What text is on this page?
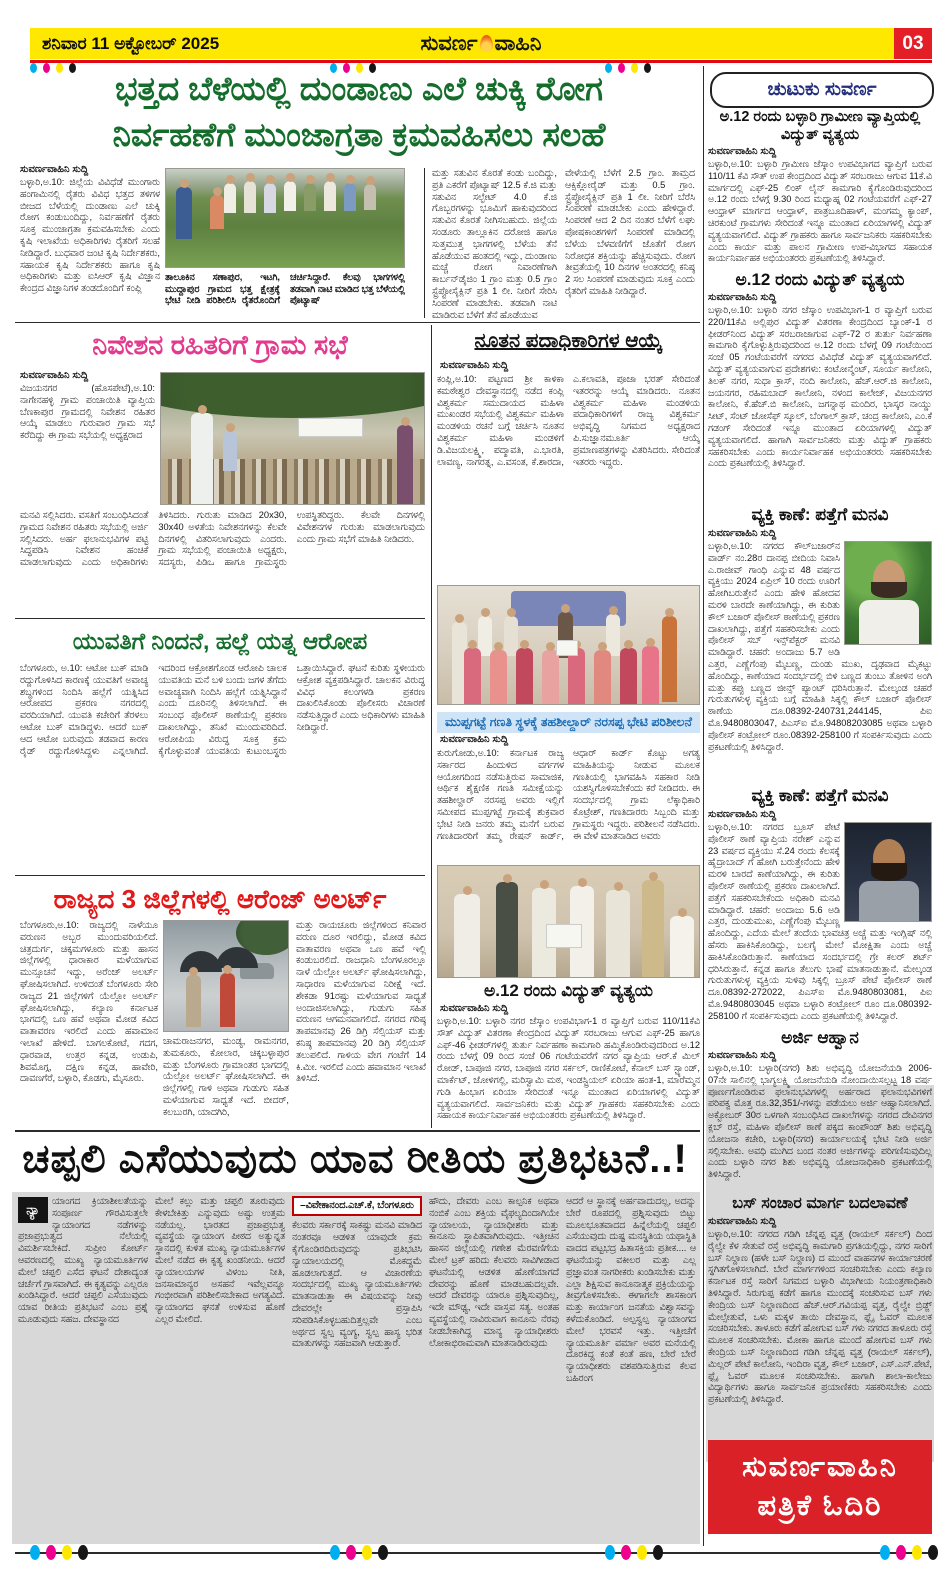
ಶನಿವಾರ 11 ಅಕ್ಟೋಬರ್ 2025	ಸುವರ್ಣ ವಾಹಿನಿ	03
ಭತ್ತದ ಬೆಳೆಯಲ್ಲಿ ದುಂಡಾಣು ಎಲೆ ಚುಕ್ಕಿ ರೋಗ
ನಿರ್ವಹಣೆಗೆ ಮುಂಜಾಗ್ರತಾ ಕ್ರಮವಹಿಸಲು ಸಲಹೆ
ಸುವರ್ಣವಾಹಿನಿ ಸುದ್ದಿ
ಬಳ್ಳಾರಿ,ಅ.10: ಜಿಲ್ಲೆಯ ವಿವಿಧೆಡೆ ಮುಂಗಾರು ಹಂಗಾಮಿನಲ್ಲಿ ರೈತರು ವಿವಿಧ ಭತ್ತದ ತಳಿಗಳ ಬೀಜದ ಬೆಳೆಯಲ್ಲಿ ದುಂಡಾಣು ಎಲೆ ಚುಕ್ಕಿ ರೋಗ ಕಂಡುಬಂದಿದ್ದು, ನಿರ್ವಹಣೆಗೆ ರೈತರು ಸೂಕ್ತ ಮುಂಜಾಗ್ರತಾ ಕ್ರಮವಹಿಸಬೇಕು ಎಂದು ಕೃಷಿ ಇಲಾಖೆಯ ಅಧಿಕಾರಿಗಳು ರೈತರಿಗೆ ಸಲಹೆ ನೀಡಿದ್ದಾರೆ. ಬುಧವಾರ ಜಂಟಿ ಕೃಷಿ ನಿರ್ದೇಶಕರು, ಸಹಾಯಕ ಕೃಷಿ ನಿರ್ದೇಶಕರು ಹಾಗೂ ಕೃಷಿ ಅಧಿಕಾರಿಗಳು ಮತ್ತು ಐಸಿಆರ್ ಕೃಷಿ ವಿಜ್ಞಾನ ಕೇಂದ್ರದ ವಿಜ್ಞಾನಿಗಳ ತಂಡದೊಂದಿಗೆ ಕಂಪ್ಲಿ
ತಾಲೂಕಿನ ಸಣಾಪುರ, ಇಟಗಿ, ಮುದ್ದಾಪುರ ಗ್ರಾಮದ ಭತ್ತ ಕ್ಷೇತ್ರಕ್ಕೆ ಭೇಟಿ ನೀಡಿ ಪರಿಶೀಲಿಸಿ ರೈತರೊಂದಿಗೆ ಚರ್ಚಿಸಿದ್ದಾರೆ. ಕೆಲವು ಭಾಗಗಳಲ್ಲಿ ತಡವಾಗಿ ನಾಟಿ ಮಾಡಿದ ಭತ್ತ ಬೆಳೆಯಲ್ಲಿ ಪೊಟ್ಯಾಷ್
ಮತ್ತು ಸತುವಿನ ಕೊರತೆ ಕಂಡು ಬಂದಿದ್ದು, ಪ್ರತಿ ಎಕರೆಗೆ ಪೊಟ್ಯಾಷ್ 12.5 ಕೆ.ಜಿ ಮತ್ತು ಸತುವಿನ ಸಲ್ಫೇಟ್ 4.0 ಕೆ.ಜಿ ಗೊಬ್ಬರಗಳನ್ನು ಭೂಮಿಗೆ ಹಾಕುವುದರಿಂದ ಸತುವಿನ ಕೊರತೆ ನೀಗಿಸಬಹುದು. ಜಿಲ್ಲೆಯ ಸಂಡೂರು ತಾಲ್ಲೂಕಿನ ದರೋಜಿ ಹಾಗೂ ಸುತ್ತಮುತ್ತ ಭಾಗಗಳಲ್ಲಿ ಬೆಳೆಯ ತೆನೆ ಹೊಡೆಯುವ ಹಂತದಲ್ಲಿ ಇದ್ದು, ದುಂಡಾಣು ಮಚ್ಚೆ ರೋಗ ನಿವಾರಣೆಗಾಗಿ ಕಾರ್ಬನ್‌ಡೈಜಿಂ 1 ಗ್ರಾಂ ಮತ್ತು 0.5 ಗ್ರಾಂ ಸ್ಟ್ರೆಪ್ಟೋಸೈಕ್ಲಿನ್ ಪ್ರತಿ 1 ಲೀ. ನೀರಿಗೆ ಸೇರಿಸಿ ಸಿಂಪರಣೆ ಮಾಡಬೇಕು. ತಡವಾಗಿ ನಾಟಿ ಮಾಡಿರುವ ಬೆಳೆಗೆ ತೆನೆ ಹೊಡೆಯುವ
ವೇಳೆಯಲ್ಲಿ ಬೆಳೆಗೆ 2.5 ಗ್ರಾಂ. ತಾಮ್ರದ ಆಕ್ಸಿಕ್ಲೋರೈಡ್ ಮತ್ತು 0.5 ಗ್ರಾಂ. ಸ್ಟ್ರೆಪ್ಟೋಸೈಕ್ಲಿನ್ ಪ್ರತಿ 1 ಲೀ. ನೀರಿಗೆ ಬೆರೆಸಿ ಸಿಂಪರಣೆ ಮಾಡಬೇಕು ಎಂದು ಹೇಳಿದ್ದಾರೆ. ಸಿಂಪರಣೆ ಆದ 2 ದಿನ ನಂತರ ಬೆಳೆಗೆ ಲಘು ಪೋಷಕಾಂಶಗಳಿಗೆ ಸಿಂಪರಣೆ ಮಾಡಿದಲ್ಲಿ ಬೆಳೆಯ ಬೆಳವಣಿಗೆಗೆ ಜೊತೆಗೆ ರೋಗ ನಿರೋಧಕ ಶಕ್ತಿಯನ್ನು ಹೆಚ್ಚಿಸುವುದು. ರೋಗ ತೀವ್ರತೆಯಲ್ಲಿ 10 ದಿನಗಳ ಅಂತರದಲ್ಲಿ ಕನಿಷ್ಠ 2 ಸಲ ಸಿಂಪರಣೆ ಮಾಡುವುದು ಸೂಕ್ತ ಎಂದು ರೈತರಿಗೆ ಮಾಹಿತಿ ನೀಡಿದ್ದಾರೆ.
ನಿವೇಶನ ರಹಿತರಿಗೆ ಗ್ರಾಮ ಸಭೆ
ಸುವರ್ಣವಾಹಿನಿ ಸುದ್ದಿ
ವಿಜಯನಗರ (ಹೊಸಪೇಟೆ),ಅ.10: ನಾಗೇನಹಳ್ಳಿ ಗ್ರಾಮ ಪಂಚಾಯಿತಿ ವ್ಯಾಪ್ತಿಯ ಬೆಣಕಾಪುರ ಗ್ರಾಮದಲ್ಲಿ ನಿವೇಶನ ರಹಿತರ ಆಯ್ಕೆ ಮಾಡಲು ಗುರುವಾರ ಗ್ರಾಮ ಸಭೆ ಕರೆದಿದ್ದು ಈ ಗ್ರಾಮ ಸಭೆಯಲ್ಲಿ ಅಧ್ಯಕ್ಷರಾದ
ಮನವಿ ಸಲ್ಲಿಸಿದರು. ವಸತಿಗೆ ಸಂಬಂಧಿಸಿದಂತೆ ಗ್ರಾಮದ ನಿವೇಶನ ರಹಿತರು ಸಭೆಯಲ್ಲಿ ಅರ್ಜಿ ಸಲ್ಲಿಸಿದರು. ಅರ್ಹ ಫಲಾನುಭವಿಗಳ ಪಟ್ಟಿ ಸಿದ್ಧಪಡಿಸಿ ನಿವೇಶನ ಹಂಚಿಕೆ ಮಾಡಲಾಗುವುದು ಎಂದು ಅಧಿಕಾರಿಗಳು ತಿಳಿಸಿದರು. ಗುರುತು ಮಾಡಿದ 20x30, 30x40 ಅಳತೆಯ ನಿವೇಶನಗಳನ್ನು ಕೆಲವೇ ದಿನಗಳಲ್ಲಿ ವಿತರಿಸಲಾಗುವುದು ಎಂದರು. ಗ್ರಾಮ ಸಭೆಯಲ್ಲಿ ಪಂಚಾಯಿತಿ ಅಧ್ಯಕ್ಷರು, ಸದಸ್ಯರು, ಪಿಡಿಒ ಹಾಗೂ ಗ್ರಾಮಸ್ಥರು ಉಪಸ್ಥಿತರಿದ್ದರು. ಕೆಲವೇ ದಿನಗಳಲ್ಲಿ ವಿವೇಶನಗಳ ಗುರುತು ಮಾಡಲಾಗುವುದು ಎಂದು ಗ್ರಾಮ ಸಭೆಗೆ ಮಾಹಿತಿ ನೀಡಿದರು.
ನೂತನ ಪದಾಧಿಕಾರಿಗಳ ಆಯ್ಕೆ
ಸುವರ್ಣವಾಹಿನಿ ಸುದ್ದಿ
ಕಂಪ್ಲಿ,ಅ.10: ಪಟ್ಟಣದ ಶ್ರೀ ಕಾಳಿಕಾ ಕಮಠೇಶ್ವರ ದೇವಸ್ಥಾನದಲ್ಲಿ ನಡೆದ ಕಂಪ್ಲಿ ವಿಶ್ವಕರ್ಮ ಸಮುದಾಯದ ಮಹಿಳಾ ಮುಖಂಡರ ಸಭೆಯಲ್ಲಿ ವಿಶ್ವಕರ್ಮ ಮಹಿಳಾ ಮಂಡಳಿಯ ರಚನೆ ಬಗ್ಗೆ ಚರ್ಚಿಸಿ ನೂತನ ವಿಶ್ವಕರ್ಮ ಮಹಿಳಾ ಮಂಡಳಿಗೆ ಡಿ.ವಿಜಯಲಕ್ಷ್ಮಿ, ಪದ್ಮಾವತಿ, ಎ.ಭಾರತಿ, ಲಾವಣ್ಯ, ನಾಗರತ್ನ, ಎ.ವಸಂತ, ಕೆ.ಶಾರದಾ, ಎ.ಕಲಾವತಿ, ಪೂಜಾ ಭರತ್ ಸೇರಿದಂತೆ ಇತರರನ್ನು ಆಯ್ಕೆ ಮಾಡಿದರು. ನೂತನ ವಿಶ್ವಕರ್ಮ ಮಹಿಳಾ ಮಂಡಳಿಯ ಪದಾಧಿಕಾರಿಗಳಿಗೆ ರಾಜ್ಯ ವಿಶ್ವಕರ್ಮ ಅಭಿವೃದ್ಧಿ ನಿಗಮದ ಅಧ್ಯಕ್ಷರಾದ ಪಿ.ಸುಜ್ಞಾನಮೂರ್ತಿ ಆಯ್ಕೆ ಪ್ರಮಾಣಪತ್ರಗಳನ್ನು ವಿತರಿಸಿದರು. ಸೇರಿದಂತೆ ಇತರರು ಇದ್ದರು.
ಮುಪ್ಪಗಟ್ಟೆ ಗಣತಿ ಸ್ಥಳಕ್ಕೆ ತಹಶೀಲ್ದಾರ್ ನರಸಪ್ಪ ಭೇಟಿ ಪರಿಶೀಲನೆ
ಸುವರ್ಣವಾಹಿನಿ ಸುದ್ದಿ
ಕುರುಗೋಡು,ಅ.10: ಕರ್ನಾಟಕ ರಾಜ್ಯ ಸರ್ಕಾರದ ಹಿಂದುಳಿದ ವರ್ಗಗಳ ಆಯೋಗದಿಂದ ನಡೆಸುತ್ತಿರುವ ಸಾಮಾಜಿಕ, ಆರ್ಥಿಕ ಶೈಕ್ಷಣಿಕ ಗಣತಿ ಸಮೀಕ್ಷೆಯನ್ನು ತಹಶೀಲ್ದಾರ್ ನರಸಪ್ಪ ಅವರು ಇಲ್ಲಿಗೆ ಸಮೀಪದ ಮುಪ್ಪಗಟ್ಟೆ ಗ್ರಾಮಕ್ಕೆ ಶುಕ್ರವಾರ ಭೇಟಿ ನೀಡಿ ಜನರು ತಮ್ಮ ಮನೆಗೆ ಬರುವ ಗಣತಿದಾರರಿಗೆ ತಮ್ಮ ರೇಷನ್ ಕಾರ್ಡ್, ಆಧಾರ್ ಕಾರ್ಡ್ ಕೊಟ್ಟು ಅಗತ್ಯ ಮಾಹಿತಿಯನ್ನು ನೀಡುವ ಮೂಲಕ ಗಣತಿಯಲ್ಲಿ ಭಾಗವಹಿಸಿ ಸಹಕಾರ ನೀಡಿ ಯಶಸ್ವಿಗೊಳಿಸಬೇಕೆಂದು ಕರೆ ನೀಡಿದರು. ಈ ಸಂದರ್ಭದಲ್ಲಿ ಗ್ರಾಮ ಲೆಕ್ಕಾಧಿಕಾರಿ ಕೊಟ್ರೇಶ್, ಗಣತಿದಾರರು ಸಿಬ್ಬಂದಿ ಮತ್ತು ಗ್ರಾಮಸ್ಥರು ಇದ್ದರು. ಪರಿಶೀಲನೆ ನಡೆಸಿದರು. ಈ ವೇಳೆ ಮಾತನಾಡಿದ ಅವರು
ಅ.12 ರಂದು ವಿದ್ಯುತ್ ವ್ಯತ್ಯಯ
ಸುವರ್ಣವಾಹಿನಿ ಸುದ್ದಿ
ಬಳ್ಳಾರಿ,ಅ.10: ಬಳ್ಳಾರಿ ನಗರ ಜೆಸ್ಕಾಂ ಉಪವಿಭಾಗ-1 ರ ವ್ಯಾಪ್ತಿಗೆ ಬರುವ 110/11ಕೆವಿ ಸೌತ್ ವಿದ್ಯುತ್ ವಿತರಣಾ ಕೇಂದ್ರದಿಂದ ವಿದ್ಯುತ್ ಸರಬರಾಜು ಆಗುವ ಎಫ್-25 ಹಾಗೂ ಎಫ್-46 ಫೀಡರ್‌ಗಳಲ್ಲಿ ತುರ್ತು ನಿರ್ವಹಣಾ ಕಾಮಗಾರಿ ಹಮ್ಮಿಕೊಂಡಿರುವುದರಿಂದ ಅ.12 ರಂದು ಬೆಳಗ್ಗೆ 09 ರಿಂದ ಸಂಜೆ 06 ಗಂಟೆಯವರೆಗೆ ನಗರ ವ್ಯಾಪ್ತಿಯ ಆರ್.ಕೆ ಮಿಲ್ ರೋಡ್, ಬಾಪೂಜಿ ನಗರ, ಬಾಪೂಜಿ ನಗರ ಸರ್ಕಲ್, ರಾಣಿಕೋಟೆ, ಕೆನಾಲ್ ಬಸ್ ಸ್ಟ್ಯಾಂಡ್, ಮಾರ್ಕೆಟ್, ಜೋಳಿಗಲ್ಲಿ, ಮರಿಸ್ವಾಮಿ ಮಠ, ಇಂಡಸ್ಟ್ರಿಯಲ್ ಏರಿಯಾ ಹಂತ-1, ಮಾರೆಮ್ಮನ ಗುಡಿ ಹಿಂಭಾಗ ಏರಿಯಾ ಸೇರಿದಂತೆ ಇನ್ನೂ ಮುಂತಾದ ಏರಿಯಾಗಳಲ್ಲಿ ವಿದ್ಯುತ್ ವ್ಯತ್ಯಯವಾಗಲಿದೆ. ಸಾರ್ವಜನಿಕರು ಮತ್ತು ವಿದ್ಯುತ್ ಗ್ರಾಹಕರು ಸಹಕರಿಸಬೇಕು ಎಂದು ಸಹಾಯಕ ಕಾರ್ಯನಿರ್ವಾಹಕ ಅಭಿಯಂತರರು ಪ್ರಕಟಣೆಯಲ್ಲಿ ತಿಳಿಸಿದ್ದಾರೆ.
ಯುವತಿಗೆ ನಿಂದನೆ, ಹಲ್ಲೆ ಯತ್ನ ಆರೋಪ
ಬೆಂಗಳೂರು, ಅ.10: ಆಟೋ ಬುಕ್ ಮಾಡಿ ರದ್ದುಗೊಳಿಸಿದ ಕಾರಣಕ್ಕೆ ಯುವತಿಗೆ ಅವಾಚ್ಯ ಶಬ್ದಗಳಿಂದ ನಿಂದಿಸಿ ಹಲ್ಲೆಗೆ ಯತ್ನಿಸಿದ ಆರೋಪದ ಪ್ರಕರಣ ನಗರದಲ್ಲಿ ವರದಿಯಾಗಿದೆ. ಯುವತಿ ಕಚೇರಿಗೆ ತೆರಳಲು ಆಟೋ ಬುಕ್ ಮಾಡಿದ್ದಳು. ಆದರೆ ಬುಕ್ ಆದ ಆಟೋ ಬರುವುದು ತಡವಾದ ಕಾರಣ ರೈಡ್ ರದ್ದುಗೊಳಿಸಿದ್ದಳು ಎನ್ನಲಾಗಿದೆ. ಇದರಿಂದ ಆಕ್ರೋಶಗೊಂಡ ಆರೋಪಿ ಚಾಲಕ ಯುವತಿಯ ಮನೆ ಬಳಿ ಬಂದು ಜಗಳ ತೆಗೆದು ಅವಾಚ್ಯವಾಗಿ ನಿಂದಿಸಿ ಹಲ್ಲೆಗೆ ಯತ್ನಿಸಿದ್ದಾನೆ ಎಂದು ದೂರಿನಲ್ಲಿ ತಿಳಿಸಲಾಗಿದೆ. ಈ ಸಂಬಂಧ ಪೊಲೀಸ್ ಠಾಣೆಯಲ್ಲಿ ಪ್ರಕರಣ ದಾಖಲಾಗಿದ್ದು, ತನಿಖೆ ಮುಂದುವರಿದಿದೆ. ಆರೋಪಿಯ ವಿರುದ್ಧ ಸೂಕ್ತ ಕ್ರಮ ಕೈಗೊಳ್ಳುವಂತೆ ಯುವತಿಯ ಕುಟುಂಬಸ್ಥರು ಒತ್ತಾಯಿಸಿದ್ದಾರೆ. ಘಟನೆ ಕುರಿತು ಸ್ಥಳೀಯರು ಆಕ್ರೋಶ ವ್ಯಕ್ತಪಡಿಸಿದ್ದಾರೆ. ಚಾಲಕನ ವಿರುದ್ಧ ವಿವಿಧ ಕಲಂಗಳಡಿ ಪ್ರಕರಣ ದಾಖಲಿಸಿಕೊಂಡು ಪೊಲೀಸರು ವಿಚಾರಣೆ ನಡೆಸುತ್ತಿದ್ದಾರೆ ಎಂದು ಅಧಿಕಾರಿಗಳು ಮಾಹಿತಿ ನೀಡಿದ್ದಾರೆ.
ರಾಜ್ಯದ 3 ಜಿಲ್ಲೆಗಳಲ್ಲಿ ಆರೆಂಜ್ ಅಲರ್ಟ್
ಬೆಂಗಳೂರು,ಅ.10: ರಾಜ್ಯದಲ್ಲಿ ನಾಳೆಯೂ ವರುಣನ ಅಬ್ಬರ ಮುಂದುವರಿಯಲಿದೆ. ಚಿತ್ರದುರ್ಗ, ಚಿಕ್ಕಮಗಳೂರು ಮತ್ತು ಹಾಸನ ಜಿಲ್ಲೆಗಳಲ್ಲಿ ಧಾರಾಕಾರ ಮಳೆಯಾಗುವ ಮುನ್ಸೂಚನೆ ಇದ್ದು, ಅರೆಂಜ್ ಅಲರ್ಟ್ ಘೋಷಿಸಲಾಗಿದೆ. ಉಳಿದಂತೆ ಬೆಂಗಳೂರು ಸೇರಿ ರಾಜ್ಯದ 21 ಜಿಲ್ಲೆಗಳಿಗೆ ಯೆಲ್ಲೋ ಅಲರ್ಟ್ ಘೋಷಿಸಲಾಗಿದ್ದು, ಕಲ್ಯಾಣ ಕರ್ನಾಟಕ ಭಾಗದಲ್ಲಿ ಒಣ ಹವೆ ಅಥವಾ ಮೋಡ ಕವಿದ ವಾತಾವರಣ ಇರಲಿದೆ ಎಂದು ಹವಾಮಾನ ಇಲಾಖೆ ಹೇಳಿದೆ. ಬಾಗಲಕೋಟೆ, ಗದಗ, ಧಾರವಾಡ, ಉತ್ತರ ಕನ್ನಡ, ಉಡುಪಿ, ಶಿವಮೊಗ್ಗ, ದಕ್ಷಿಣ ಕನ್ನಡ, ಹಾವೇರಿ, ದಾವಣಗೆರೆ, ಬಳ್ಳಾರಿ, ಕೊಡಗು, ಮೈಸೂರು.
ಚಾಮರಾಜನಗರ, ಮಂಡ್ಯ, ರಾಮನಗರ, ತುಮಕೂರು, ಕೋಲಾರ, ಚಿಕ್ಕಬಳ್ಳಾಪುರ ಮತ್ತು ಬೆಂಗಳೂರು ಗ್ರಾಮಾಂತರ ಭಾಗದಲ್ಲಿ ಯೆಲ್ಲೋ ಅಲರ್ಟ್ ಘೋಷಿಸಲಾಗಿದೆ. ಈ ಜಿಲ್ಲೆಗಳಲ್ಲಿ ಗಾಳಿ ಅಥವಾ ಗುಡುಗು ಸಹಿತ ಮಳೆಯಾಗುವ ಸಾಧ್ಯತೆ ಇದೆ. ಬೀದರ್, ಕಲಬುರಗಿ, ಯಾದಗಿರಿ,
ಮತ್ತು ರಾಯಚೂರು ಜಿಲ್ಲೆಗಳಿಂದ ಕನಿವಾರ ವರುಣ ದೂರ ಇರಲಿದ್ದು, ಮೋಡ ಕವಿದ ವಾತಾವರಣ ಅಥವಾ ಒಣ ಹವೆ ಇಲ್ಲಿ ಕಂಡುಬರಲಿದೆ. ರಾಜಧಾನಿ ಬೆಂಗಳೂರಲ್ಲೂ ನಾಳೆ ಯೆಲ್ಲೋ ಅಲರ್ಟ್ ಘೋಷಿಸಲಾಗಿದ್ದು, ಸಾಧಾರಣ ಮಳೆಯಾಗುವ ನಿರೀಕ್ಷೆ ಇದೆ. ಶೇಕಡಾ 91ರಷ್ಟು ಮಳೆಯಾಗುವ ಸಾಧ್ಯತೆ ಅಂದಾಜಿಸಲಾಗಿದ್ದು, ಗುಡುಗು ಸಹಿತ ವರುಣನ ಆಗಮನವಾಗಲಿದೆ. ನಗರದ ಗರಿಷ್ಠ ತಾಪಮಾನವು 26 ಡಿಗ್ರಿ ಸೆಲ್ಸಿಯಸ್ ಮತ್ತು ಕನಿಷ್ಠ ತಾಪಮಾನವು 20 ಡಿಗ್ರಿ ಸೆಲ್ಸಿಯಸ್ ತಲುಪಲಿದೆ. ಗಾಳಿಯ ವೇಗ ಗಂಟೆಗೆ 14 ಕಿ.ಮೀ. ಇರಲಿದೆ ಎಂದು ಹವಾಮಾನ ಇಲಾಖೆ ತಿಳಿಸಿದೆ.
ಚಪ್ಪಲಿ ಎಸೆಯುವುದು ಯಾವ ರೀತಿಯ ಪ್ರತಿಭಟನೆ..!
ನ್ಯಾ
ಯಾಂಗದ ಕ್ರಿಯಾಶೀಲತೆಯನ್ನು ಸಂಪೂರ್ಣ ಗೌರವಿಸುತ್ತಲೇ ನ್ಯಾಯಾಂಗದ ನಡೆಗಳನ್ನು ಪ್ರಜಾಪ್ರಭುತ್ವದ ನೆಲೆಯಲ್ಲಿ ವಿಮರ್ಶಿಸಬೇಕಿದೆ. ಸುಪ್ರೀಂ ಕೋರ್ಟ್ ಆವರಣದಲ್ಲಿ ಮುಖ್ಯ ನ್ಯಾಯಮೂರ್ತಿಗಳ ಮೇಲೆ ಚಪ್ಪಲಿ ಎಸೆದ ಘಟನೆ ದೇಶಾದ್ಯಂತ ಚರ್ಚೆಗೆ ಗ್ರಾಸವಾಗಿದೆ. ಈ ಕೃತ್ಯವನ್ನು ಎಲ್ಲರೂ ಖಂಡಿಸಿದ್ದಾರೆ. ಆದರೆ ಚಪ್ಪಲಿ ಎಸೆಯುವುದು ಯಾವ ರೀತಿಯ ಪ್ರತಿಭಟನೆ ಎಂಬ ಪ್ರಶ್ನೆ ಮೂಡುವುದು ಸಹಜ. ದೇವಸ್ಥಾನದ
ಮೇಲೆ ಕಲ್ಲು ಮತ್ತು ಚಪ್ಪಲಿ ತೂರುವುದು ಕೇಳಬೇಕಿತ್ತು ಎನ್ನುವುದು ಅಷ್ಟು ಉತ್ತಮ ನಡೆಯಲ್ಲ. ಭಾರತದ ಪ್ರಜಾಪ್ರಭುತ್ವ ವ್ಯವಸ್ಥೆಯ ನ್ಯಾಯಾಂಗ ಪೀಠದ ಅತ್ಯುನ್ನತ ಸ್ಥಾನದಲ್ಲಿ ಕುಳಿತ ಮುಖ್ಯ ನ್ಯಾಯಮೂರ್ತಿಗಳ ಮೇಲೆ ನಡೆದ ಈ ಕೃತ್ಯ ಖಂಡನೀಯ. ಆದರೆ ನ್ಯಾಯಾಲಯಗಳ ವಿಳಂಬ ನೀತಿ, ಜನಸಾಮಾನ್ಯರ ಅಸಹನೆ ಇವೆಲ್ಲವನ್ನೂ ಗಂಭೀರವಾಗಿ ಪರಿಶೀಲಿಸಬೇಕಾದ ಅಗತ್ಯವಿದೆ. ನ್ಯಾಯಾಂಗದ ಘನತೆ ಉಳಿಸುವ ಹೊಣೆ ಎಲ್ಲರ ಮೇಲಿದೆ.
–ವಿವೇಕಾನಂದ.ಎಚ್.ಕೆ, ಬೆಂಗಳೂರು
ಕೆಲವರು ಸರ್ಕಾರಕ್ಕೆ ಸಾಕಷ್ಟು ಮನವಿ ಮಾಡಿದ ನಂತರವೂ ಆಡಳಿತ ಯಾವುದೇ ಕ್ರಮ ಕೈಗೊಂಡಿರದಿರುವುದನ್ನು ಪ್ರತಿಭಟಿಸಿ ನ್ಯಾಯಾಲಯದಲ್ಲಿ ಮೊಕದ್ದಮೆ ಹೂಡಲಾಗುತ್ತದೆ. ಆ ವಿಚಾರಣೆಯ ಸಂದರ್ಭದಲ್ಲಿ ಮುಖ್ಯ ನ್ಯಾಯಮೂರ್ತಿಗಳು ಮಾತನಾಡುತ್ತಾ ಈ ವಿಷಯವನ್ನು ನೀವು ದೇವರಲ್ಲೇ ಪ್ರಸ್ತಾಪಿಸಿ ಸರಿಪಡಿಸಿಕೊಳ್ಳಬಹುದಿತ್ತಲ್ಲವೇ ಎಂಬ ಅರ್ಥದ ಸ್ವಲ್ಪ ವ್ಯಂಗ್ಯ, ಸ್ವಲ್ಪ ಹಾಸ್ಯ ಭರಿತ ಮಾತುಗಳನ್ನು ಸಹಜವಾಗಿ ಆಡುತ್ತಾರೆ.
ಹೌದು, ದೇವರು ಎಂಬ ಕಾಲ್ಪನಿಕ ಅಥವಾ ನಂಬಿಕೆ ಎಂಬ ಶಕ್ತಿಯ ವೈಫಲ್ಯದಿಂದಾಗಿಯೇ ನ್ಯಾಯಾಲಯ, ನ್ಯಾಯಾಧೀಶರು ಮತ್ತು ಕಾನೂನು ಸ್ಥಾಪಿತವಾಗಿರುವುದು. ಇತ್ತೀಚಿನ ಹಾಸನ ಜಿಲ್ಲೆಯಲ್ಲಿ ಗಣೇಶ ಮೆರವಣಿಗೆಯ ಮೇಲೆ ಟ್ರಕ್ ಹರಿದು ಕೆಲವರು ಸಾವಿಗೀಡಾದ ಘಟನೆಯಲ್ಲಿ ಆಡಳಿತ ಹೊಣೆಯಾಗದೆ ದೇವರನ್ನು ಹೊಣೆ ಮಾಡಬಹುದಲ್ಲವೇ. ಆದರೆ ದೇವರನ್ನು ಯಾರೂ ಪ್ರಶ್ನಿಸುವುದಿಲ್ಲ, ಇದೇ ಮೌಢ್ಯ, ಇದೇ ವಾಸ್ತವ ಸತ್ಯ. ಅಂತಹ ವ್ಯವಸ್ಥೆಯಲ್ಲಿ ನಾವಿರುವಾಗ ಕಾನೂನು ನೆರವು ನೀಡಬೇಕಾಗಿದ್ದ ಮಾನ್ಯ ನ್ಯಾಯಾಧೀಶರು ಲೋಕಾಭಿರಾಮವಾಗಿ ಮಾತನಾಡಿರುವುದು
ಆದರೆ ಆ ಸ್ಥಾನಕ್ಕೆ ಅರ್ಹವಾದುದಲ್ಲ, ಅದನ್ನು ಬೇರೆ ರೂಪದಲ್ಲಿ ಪ್ರಶ್ನಿಸುವುದು ಬಿಟ್ಟು ಮೂಲಭೂತವಾದದ ಹಿನ್ನೆಲೆಯಲ್ಲಿ ಚಪ್ಪಲಿ ಎಸೆಯುವುದು ದುಷ್ಟ ಮನಸ್ಥಿತಿಯ ಯಥಾಸ್ಥಿತಿ ವಾದದ ಪಟ್ಟಭದ್ರ ಹಿತಾಸಕ್ತಿಯ ಪ್ರತೀಕ.... ಆ ಘಟನೆಯನ್ನು ವಕೀಲರ ಮತ್ತು ಎಲ್ಲ ಪ್ರಜ್ಞಾವಂತ ನಾಗರೀಕರು ಖಂಡಿಸಬೇಕು ಮತ್ತು ಎಲ್ಲಾ ಶಿಕ್ಷಿಸುವ ಕಾನೂನಾತ್ಮಕ ಪ್ರಕ್ರಿಯೆಯನ್ನು ತೀವ್ರಗೊಳಿಸಬೇಕು. ಈಗಾಗಲೇ ಶಾಸಕಾಂಗ ಮತ್ತು ಕಾರ್ಯಾಂಗ ಜನತೆಯ ವಿಶ್ವಾಸವನ್ನು ಕಳೆದುಕೊಂಡಿದೆ. ಅಲ್ಪಸ್ವಲ್ಪ ನ್ಯಾಯಾಂಗದ ಮೇಲೆ ಭರವಸೆ ಇತ್ತು. ಇತ್ತೀಚೆಗೆ ನ್ಯಾಯಮೂರ್ತಿ ವರ್ಮಾ ಅವರ ಮನೆಯಲ್ಲಿ ದೊರಕಿದ್ದ ಕಂತೆ ಕಂತೆ ಹಣ, ಬೇರೆ ಬೇರೆ ನ್ಯಾಯಾಧೀಶರು ವಶಪಡಿಸುತ್ತಿರುವ ಕೆಲವ ಬಹಿರಂಗ
ಚುಟುಕು ಸುವರ್ಣ
ಅ.12 ರಂದು ಬಳ್ಳಾರಿ ಗ್ರಾಮೀಣ ವ್ಯಾಪ್ತಿಯಲ್ಲಿ ವಿದ್ಯುತ್ ವ್ಯತ್ಯಯ
ಸುವರ್ಣವಾಹಿನಿ ಸುದ್ದಿ
ಬಳ್ಳಾರಿ,ಅ.10: ಬಳ್ಳಾರಿ ಗ್ರಾಮೀಣ ಜೆಸ್ಕಾಂ ಉಪವಿಭಾಗದ ವ್ಯಾಪ್ತಿಗೆ ಬರುವ 110/11 ಕೆವಿ ಸೌತ್ ಉಪ ಕೇಂದ್ರದಿಂದ ವಿದ್ಯುತ್ ಸರಬರಾಜು ಆಗುವ 11ಕೆ.ವಿ ಮಾರ್ಗದಲ್ಲಿ ಎಫ್-25 ಲಿಂಕ್ ಲೈನ್ ಕಾಮಗಾರಿ ಕೈಗೊಂಡಿರುವುದರಿಂದ ಅ.12 ರಂದು ಬೆಳಗ್ಗೆ 9.30 ರಿಂದ ಮಧ್ಯಾಹ್ನ 02 ಗಂಟೆಯವರೆಗೆ ಎಫ್-27 ಆಂಧ್ರಾಳ್ ಮಾರ್ಗದ ಆಂಧ್ರಾಳ್, ಪಾತ್ರಬೂದಿಹಾಳ್, ಮಂಗಮ್ಮ ಕ್ಯಾಂಪ್, ಚಿರಕುಂಟೆ ಗ್ರಾಮಗಳು ಸೇರಿದಂತೆ ಇನ್ನೂ ಮುಂತಾದ ಏರಿಯಾಗಳಲ್ಲಿ ವಿದ್ಯುತ್ ವ್ಯತ್ಯಯವಾಗಲಿದೆ. ವಿದ್ಯುತ್ ಗ್ರಾಹಕರು ಹಾಗೂ ಸಾರ್ವಜನಿಕರು ಸಹಕರಿಸಬೇಕು ಎಂದು ಕಾರ್ಯ ಮತ್ತು ಪಾಲನ ಗ್ರಾಮೀಣ ಉಪ-ವಿಭಾಗದ ಸಹಾಯಕ ಕಾರ್ಯನಿರ್ವಾಹಕ ಅಭಿಯಂತರರು ಪ್ರಕಟಣೆಯಲ್ಲಿ ತಿಳಿಸಿದ್ದಾರೆ.
ಅ.12 ರಂದು ವಿದ್ಯುತ್ ವ್ಯತ್ಯಯ
ಸುವರ್ಣವಾಹಿನಿ ಸುದ್ದಿ
ಬಳ್ಳಾರಿ,ಅ.10: ಬಳ್ಳಾರಿ ನಗರ ಜೆಸ್ಕಾಂ ಉಪವಿಭಾಗ-1 ರ ವ್ಯಾಪ್ತಿಗೆ ಬರುವ 220/11ಕೆವಿ ಅಲ್ಲಿಪುರ ವಿದ್ಯುತ್ ವಿತರಣಾ ಕೇಂದ್ರದಿಂದ ಬ್ಯಾಂಕ್-1 ರ ಫೀಡರ್‌ನಿಂದ ವಿದ್ಯುತ್ ಸರಬರಾಜಾಗುವ ಎಫ್-72 ರ ತುರ್ತು ನಿರ್ವಹಣಾ ಕಾಮಗಾರಿ ಕೈಗೊಳ್ಳುತ್ತಿರುವುದರಿಂದ ಅ.12 ರಂದು ಬೆಳಗ್ಗೆ 09 ಗಂಟೆಯಿಂದ ಸಂಜೆ 05 ಗಂಟೆಯವರೆಗೆ ನಗರದ ವಿವಿಧೆಡೆ ವಿದ್ಯುತ್ ವ್ಯತ್ಯಯವಾಗಲಿದೆ. ವಿದ್ಯುತ್ ವ್ಯತ್ಯಯವಾಗುವ ಪ್ರದೇಶಗಳು: ಕಂಟೋನ್ಮೆಂಟ್, ಸೂರ್ಯ ಕಾಲೋನಿ, ತಿಲಕ್ ನಗರ, ಸುಧಾ ಕ್ರಾಸ್, ನಂದಿ ಕಾಲೋನಿ, ಹೆಚ್.ಆರ್.ಜಿ ಕಾಲೋನಿ, ಜಯನಗರ, ರಹಿಮಬಾದ್ ಕಾಲೋನಿ, ನಳಂದ ಕಾಲೇಜ್, ವಿಜಯನಗರ ಕಾಲೋನಿ, ಕೆ.ಹೆಚ್.ಬಿ ಕಾಲೋನಿ, ಜಗನ್ನಾಥ ಮಂದಿರ, ಭಾಸ್ಕರ ನಾಯ್ಡು ಸೀಟ್, ಸೆಂಟ್ ಜೋಸೆಫ್ ಸ್ಕೂಲ್, ಬೆಂಗಾಲ್ ಕ್ರಾಸ್, ಚಂದ್ರ ಕಾಲೋನಿ, ಎಂ.ಕೆ ಗಡಂಗ್ ಸೇರಿದಂತೆ ಇನ್ನೂ ಮುಂತಾದ ಏರಿಯಾಗಳಲ್ಲಿ ವಿದ್ಯುತ್ ವ್ಯತ್ಯಯವಾಗಲಿದೆ. ಹಾಗಾಗಿ ಸಾರ್ವಜನಿಕರು ಮತ್ತು ವಿದ್ಯುತ್ ಗ್ರಾಹಕರು ಸಹಕರಿಸಬೇಕು ಎಂದು ಕಾರ್ಯನಿರ್ವಾಹಕ ಅಭಿಯಂತರರು ಸಹಕರಿಸಬೇಕು ಎಂದು ಪ್ರಕಟಣೆಯಲ್ಲಿ ತಿಳಿಸಿದ್ದಾರೆ.
ವ್ಯಕ್ತಿ ಕಾಣೆ: ಪತ್ತೆಗೆ ಮನವಿ
ಸುವರ್ಣವಾಹಿನಿ ಸುದ್ದಿ
ಬಳ್ಳಾರಿ,ಅ.10: ನಗರದ ಕೌಲ್‌ಬಜಾರ್‌ನ ವಾರ್ಡ್ ನಂ.28ರ ದಾನಪ್ಪ ಬೀದಿಯ ನಿವಾಸಿ ಎ.ರಾಜೀವ್ ಗಾಂಧಿ ಎನ್ನುವ 48 ವರ್ಷದ ವ್ಯಕ್ತಿಯು 2024 ಏಪ್ರಿಲ್ 10 ರಂದು ಊರಿಗೆ ಹೋಗಿಬರುತ್ತೇನೆ ಎಂದು ಹೇಳಿ ಹೋದವ ಮರಳಿ ಬಾರದೇ ಕಾಣೆಯಾಗಿದ್ದು, ಈ ಕುರಿತು ಕೌಲ್ ಬಜಾರ್ ಪೊಲೀಸ್ ಠಾಣೆಯಲ್ಲಿ ಪ್ರಕರಣ ದಾಖಲಾಗಿದ್ದು, ಪತ್ತೆಗೆ ಸಹಕರಿಸಬೇಕು ಎಂದು ಪೊಲೀಸ್ ಸಬ್ ಇನ್ಸ್‌ಪೆಕ್ಟರ್ ಮನವಿ ಮಾಡಿದ್ದಾರೆ. ಚಹರೆ: ಅಂದಾಜು 5.7 ಅಡಿ ಎತ್ತರ, ಎಣ್ಣೆಗೆಂಪು ಮೈಬಣ್ಣ, ದುಂಡು ಮುಖ, ದೃಢವಾದ ಮೈಕಟ್ಟು ಹೊಂದಿದ್ದು, ಕಾಣೆಯಾದ ಸಂದರ್ಭದಲ್ಲಿ ಬಿಳಿ ಬಣ್ಣದ ತುಂಬು ತೋಳಿನ ಅಂಗಿ ಮತ್ತು ಕಪ್ಪು ಬಣ್ಣದ ಜೀನ್ಸ್ ಪ್ಯಾಂಟ್ ಧರಿಸಿರುತ್ತಾನೆ. ಮೇಲ್ಕಂಡ ಚಹರೆ ಗುರುತುಗಳುಳ್ಳ ವ್ಯಕ್ತಿಯ ಬಗ್ಗೆ ಮಾಹಿತಿ ಸಿಕ್ಕಲ್ಲಿ ಕೌಲ್ ಬಜಾರ್ ಪೊಲೀಸ್ ಠಾಣೆಯ ದೂ.08392-240731,244145, ಪಿಐ ಮೊ.9480803047, ಪಿಎಸ್ಐ ಮೊ.94808203085 ಅಥವಾ ಬಳ್ಳಾರಿ ಪೊಲೀಸ್ ಕಂಟ್ರೋಲ್ ರೂಂ.08392-258100 ಗೆ ಸಂಪರ್ಕಿಸುವುದು ಎಂದು ಪ್ರಕಟಣೆಯಲ್ಲಿ ತಿಳಿಸಿದ್ದಾರೆ.
ವ್ಯಕ್ತಿ ಕಾಣೆ: ಪತ್ತೆಗೆ ಮನವಿ
ಸುವರ್ಣವಾಹಿನಿ ಸುದ್ದಿ
ಬಳ್ಳಾರಿ,ಅ.10: ನಗರದ ಬ್ರೂಸ್ ಪೇಟೆ ಪೊಲೀಸ್ ಠಾಣೆ ವ್ಯಾಪ್ತಿಯ ನರೇಶ್ ಎನ್ನುವ 23 ವರ್ಷದ ವ್ಯಕ್ತಿಯು ಸೆ.24 ರಂದು ಕೆಲಸಕ್ಕೆ ಹೈದ್ರಾಬಾದ್ ಗೆ ಹೋಗಿ ಬರುತ್ತೇನೆಂದು ಹೇಳಿ ಮರಳಿ ಬಾರದೆ ಕಾಣೆಯಾಗಿದ್ದು, ಈ ಕುರಿತು ಪೊಲೀಸ್ ಠಾಣೆಯಲ್ಲಿ ಪ್ರಕರಣ ದಾಖಲಾಗಿದೆ. ಪತ್ತೆಗೆ ಸಹಕರಿಸಬೇಕೆಂದು ಅಧಿಕಾರಿ ಮನವಿ ಮಾಡಿದ್ದಾರೆ. ಚಹರೆ: ಅಂದಾಜು 5.6 ಅಡಿ ಎತ್ತರ, ದುಂಡುಮುಖ, ಎಣ್ಣೆಗೆಂಪು ಮೈಬಣ್ಣ ಹೊಂದಿದ್ದು, ಎದೆಯ ಮೇಲೆ ತಂದೆಯ ಭಾವಚಿತ್ರ ಅಚ್ಚೆ ಮತ್ತು ಇಂಗ್ಲಿಷ್ ನಲ್ಲಿ ಹೆಸರು ಹಾಕಿಸಿಕೊಂಡಿದ್ದು, ಬಲಗೈ ಮೇಲೆ ಮೋಕ್ಷಿತಾ ಎಂದು ಅಚ್ಚೆ ಹಾಕಿಸಿಕೊಂಡಿರುತ್ತಾನೆ. ಕಾಣೆಯಾದ ಸಂದರ್ಭದಲ್ಲಿ ಗ್ರೇ ಕಲರ್ ಶರ್ಟ್ ಧರಿಸಿರುತ್ತಾನೆ. ಕನ್ನಡ ಹಾಗೂ ತೆಲುಗು ಭಾಷೆ ಮಾತನಾಡುತ್ತಾನೆ. ಮೇಲ್ಕಂಡ ಗುರುತುಗಳುಳ್ಳ ವ್ಯಕ್ತಿಯ ಸುಳಿವು ಸಿಕ್ಕಲ್ಲಿ ಬ್ರೂಸ್ ಪೇಟೆ ಪೊಲೀಸ್ ಠಾಣೆ ದೂ.08392-272022, ಪಿಎಸ್ಐ ಮೊ.9480803081, ಪಿಐ ಮೊ.9480803045 ಅಥವಾ ಬಳ್ಳಾರಿ ಕಂಟ್ರೋಲ್ ರೂಂ ದೂ.080392-258100 ಗೆ ಸಂಪರ್ಕಿಸುವುದು ಎಂದು ಪ್ರಕಟಣೆಯಲ್ಲಿ ತಿಳಿಸಿದ್ದಾರೆ.
ಅರ್ಜಿ ಆಹ್ವಾನ
ಸುವರ್ಣವಾಹಿನಿ ಸುದ್ದಿ
ಬಳ್ಳಾರಿ,ಅ.10: ಬಳ್ಳಾರಿ(ನಗರ) ಶಿಶು ಅಭಿವೃದ್ಧಿ ಯೋಜನೆಯಡಿ 2006-07ನೇ ಸಾಲಿನಲ್ಲಿ ಭಾಗ್ಯಲಕ್ಷ್ಮಿ ಯೋಜನೆಯಡಿ ನೋಂದಾಯಿಸಲ್ಪಟ್ಟ 18 ವರ್ಷ ಪೂರ್ಣಗೊಂಡಿರುವ ಫಲಾನುಭವಿಗಳಲ್ಲಿ ಅರ್ಹರಾದ ಫಲಾನುಭವಿಗಳಿಗೆ ಪರಿಪಕ್ವ ಮೊತ್ತ ರೂ.32,351/-ಗಳನ್ನು ಪಡೆಯಲು ಅರ್ಜಿ ಆಹ್ವಾನಿಸಲಾಗಿದೆ. ಅಕ್ಟೋಬರ್ 30ರ ಒಳಗಾಗಿ ಸಂಬಂಧಿಸಿದ ದಾಖಲೆಗಳನ್ನು ನಗರದ ದೇವಿನಗರ ಕ್ಲಬ್ ರಸ್ತೆ, ಮಹಿಳಾ ಪೊಲೀಸ್ ಠಾಣೆ ಪಕ್ಕದ ಕಾಂಪೌಂಡ್ ಶಿಶು ಅಭಿವೃದ್ಧಿ ಯೋಜನಾ ಕಚೇರಿ, ಬಳ್ಳಾರಿ(ನಗರ) ಕಾರ್ಯಾಲಯಕ್ಕೆ ಭೇಟಿ ನೀಡಿ ಅರ್ಜಿ ಸಲ್ಲಿಸಬೇಕು. ಅವಧಿ ಮುಗಿದ ಬಂದ ನಂತರ ಅರ್ಜಿಗಳನ್ನು ಪರಿಗಣಿಸುವುದಿಲ್ಲ ಎಂದು ಬಳ್ಳಾರಿ ನಗರ ಶಿಶು ಅಭಿವೃದ್ಧಿ ಯೋಜನಾಧಿಕಾರಿ ಪ್ರಕಟಣೆಯಲ್ಲಿ ತಿಳಿಸಿದ್ದಾರೆ.
ಬಸ್ ಸಂಚಾರ ಮಾರ್ಗ ಬದಲಾವಣೆ
ಸುವರ್ಣವಾಹಿನಿ ಸುದ್ದಿ
ಬಳ್ಳಾರಿ,ಅ.10: ನಗರದ ಗಡಿಗಿ ಚೆನ್ನಪ್ಪ ವೃತ್ತ (ರಾಯಲ್ ಸರ್ಕಲ್) ದಿಂದ ರೈಲ್ವೇ ಕೆಳ ಸೇತುವೆ ರಸ್ತೆ ಅಭಿವೃದ್ಧಿ ಕಾಮಗಾರಿ ಪ್ರಗತಿಯಲ್ಲಿದ್ದು, ನಗರ ಸಾರಿಗೆ ಬಸ್ ನಿಲ್ದಾಣ (ಹಳೇ ಬಸ್ ನಿಲ್ದಾಣ) ದ ಮುಂದೆ ವಾಹನಗಳ ಕಾರ್ಯಾಚರಣೆ ಸ್ಥಗಿತಗೊಳಿಸಲಾಗಿದೆ. ಬೇರೆ ಮಾರ್ಗಗಳಿಂದ ಸಂಚರಿಸಬೇಕು ಎಂದು ಕಲ್ಯಾಣ ಕರ್ನಾಟಕ ರಸ್ತೆ ಸಾರಿಗೆ ನಿಗಮದ ಬಳ್ಳಾರಿ ವಿಭಾಗೀಯ ನಿಯಂತ್ರಣಾಧಿಕಾರಿ ತಿಳಿಸಿದ್ದಾರೆ. ಸಿರುಗುಪ್ಪ ಕಡೆಗೆ ಹಾಗೂ ಮುಂದಕ್ಕೆ ಸಂಚರಿಸುವ ಬಸ್ ಗಳು ಕೇಂದ್ರಿಯ ಬಸ್ ನಿಲ್ದಾಣದಿಂದ ಹೆಚ್.ಆರ್.ಗವಿಯಪ್ಪ ವೃತ್ತ, ರೈಲ್ವೇ ಬ್ರಿಡ್ಜ್ ಮೇಲ್ಸೇತುವೆ, ಒಳು ಮಕ್ಕಳ ತಾಯಿ ದೇವಸ್ಥಾನ, ಫ್ಲೈ ಓವರ್ ಮೂಲಕ ಸಂಚರಿಸಬೇಕು. ತಾಳೂರು ಕಡೆಗೆ ಹೋಗುವ ಬಸ್ ಗಳು ನಗರದ ತಾಳೂರು ರಸ್ತೆ ಮೂಲಕ ಸಂಚರಿಸಬೇಕು. ಮೋಕಾ ಹಾಗೂ ಮುಂದೆ ಹೋಗುವ ಬಸ್ ಗಳು ಕೇಂದ್ರಿಯ ಬಸ್ ನಿಲ್ದಾಣದಿಂದ ಗಡಿಗಿ ಚೆನ್ನಪ್ಪ ವೃತ್ತ (ರಾಯಲ್ ಸರ್ಕಲ್), ಮಿಲ್ಲರ್ ಪೇಟೆ ಕಾಲೋನಿ, ಇಂದಿರಾ ವೃತ್ತ, ಕೌಲ್ ಬಜಾರ್, ಎಸ್.ಎನ್.ಪೇಟೆ, ಫ್ಲೈ ಓವರ್ ಮೂಲಕ ಸಂಚರಿಸಬೇಕು. ಹಾಗಾಗಿ ಶಾಲಾ-ಕಾಲೇಜು ವಿದ್ಯಾರ್ಥಿಗಳು ಹಾಗೂ ಸಾರ್ವಜನಿಕ ಪ್ರಯಾಣಿಕರು ಸಹಕರಿಸಬೇಕು ಎಂದು ಪ್ರಕಟಣೆಯಲ್ಲಿ ತಿಳಿಸಿದ್ದಾರೆ.
ಸುವರ್ಣವಾಹಿನಿ
ಪತ್ರಿಕೆ ಓದಿರಿ
